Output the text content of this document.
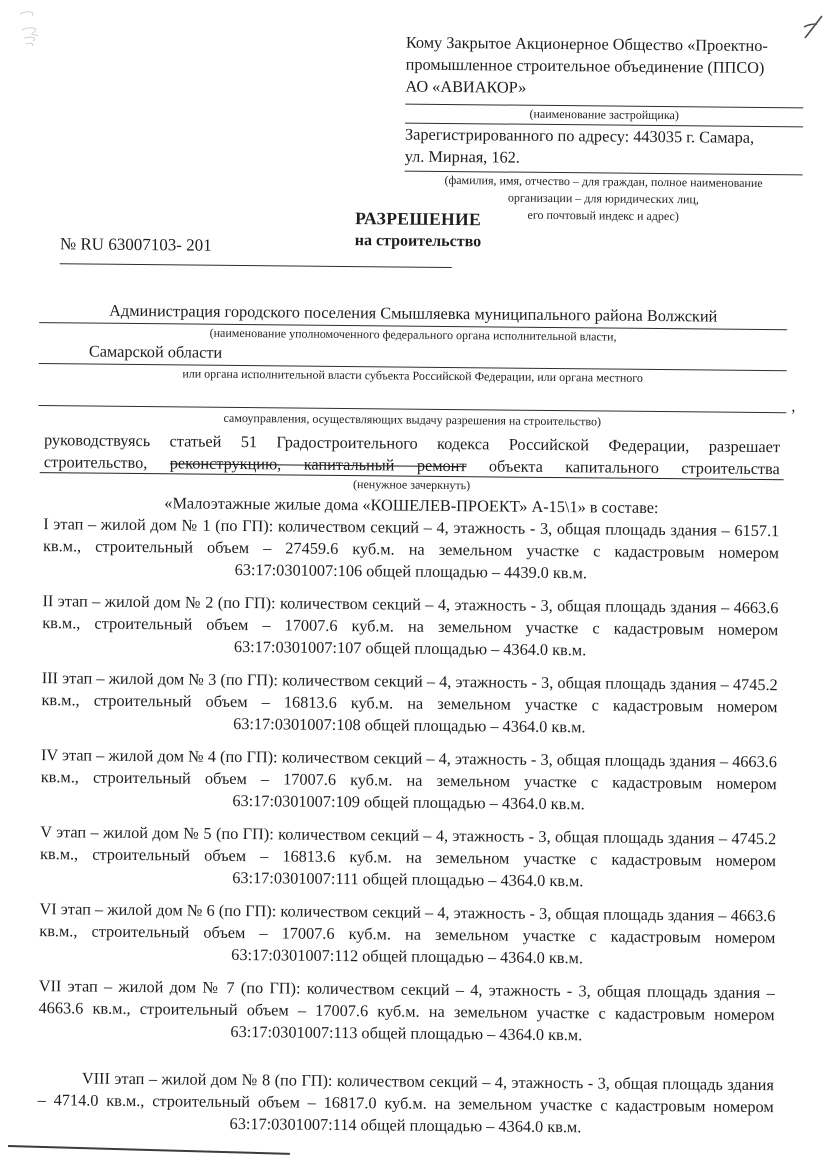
Кому Закрытое Акционерное Общество «Проектно-
промышленное строительное объединение (ППСО)
АО «АВИАКОР»
(наименование застройщика)
Зарегистрированного по адресу: 443035 г. Самара,
ул. Мирная, 162.
(фамилия, имя, отчество – для граждан, полное наименование
организации – для юридических лиц,
его почтовый индекс и адрес)
РАЗРЕШЕНИЕ
на строительство
№ RU 63007103- 201
Администрация городского поселения Смышляевка муниципального района Волжский
(наименование уполномоченного федерального органа исполнительной власти,
Самарской области
или органа исполнительной власти субъекта Российской Федерации, или органа местного
,
самоуправления, осуществляющих выдачу разрешения на строительство)
руководствуясь статьей 51 Градостроительного кодекса Российской Федерации, разрешает
строительство, реконструкцию, капитальный ремонт объекта капитального строительства
(ненужное зачеркнуть)
«Малоэтажные жилые дома «КОШЕЛЕВ-ПРОЕКТ» А-15\1» в составе:
I этап – жилой дом № 1 (по ГП): количеством секций – 4, этажность - 3, общая площадь здания – 6157.1 кв.м., строительный объем – 27459.6 куб.м. на земельном участке с кадастровым номером 63:17:0301007:106 общей площадью – 4439.0 кв.м.
II этап – жилой дом № 2 (по ГП): количеством секций – 4, этажность - 3, общая площадь здания – 4663.6 кв.м., строительный объем – 17007.6 куб.м. на земельном участке с кадастровым номером 63:17:0301007:107 общей площадью – 4364.0 кв.м.
III этап – жилой дом № 3 (по ГП): количеством секций – 4, этажность - 3, общая площадь здания – 4745.2 кв.м., строительный объем – 16813.6 куб.м. на земельном участке с кадастровым номером 63:17:0301007:108 общей площадью – 4364.0 кв.м.
IV этап – жилой дом № 4 (по ГП): количеством секций – 4, этажность - 3, общая площадь здания – 4663.6 кв.м., строительный объем – 17007.6 куб.м. на земельном участке с кадастровым номером 63:17:0301007:109 общей площадью – 4364.0 кв.м.
V этап – жилой дом № 5 (по ГП): количеством секций – 4, этажность - 3, общая площадь здания – 4745.2 кв.м., строительный объем – 16813.6 куб.м. на земельном участке с кадастровым номером 63:17:0301007:111 общей площадью – 4364.0 кв.м.
VI этап – жилой дом № 6 (по ГП): количеством секций – 4, этажность - 3, общая площадь здания – 4663.6 кв.м., строительный объем – 17007.6 куб.м. на земельном участке с кадастровым номером 63:17:0301007:112 общей площадью – 4364.0 кв.м.
VII этап – жилой дом № 7 (по ГП): количеством секций – 4, этажность - 3, общая площадь здания – 4663.6 кв.м., строительный объем – 17007.6 куб.м. на земельном участке с кадастровым номером 63:17:0301007:113 общей площадью – 4364.0 кв.м.
VIII этап – жилой дом № 8 (по ГП): количеством секций – 4, этажность - 3, общая площадь здания – 4714.0 кв.м., строительный объем – 16817.0 куб.м. на земельном участке с кадастровым номером 63:17:0301007:114 общей площадью – 4364.0 кв.м.
